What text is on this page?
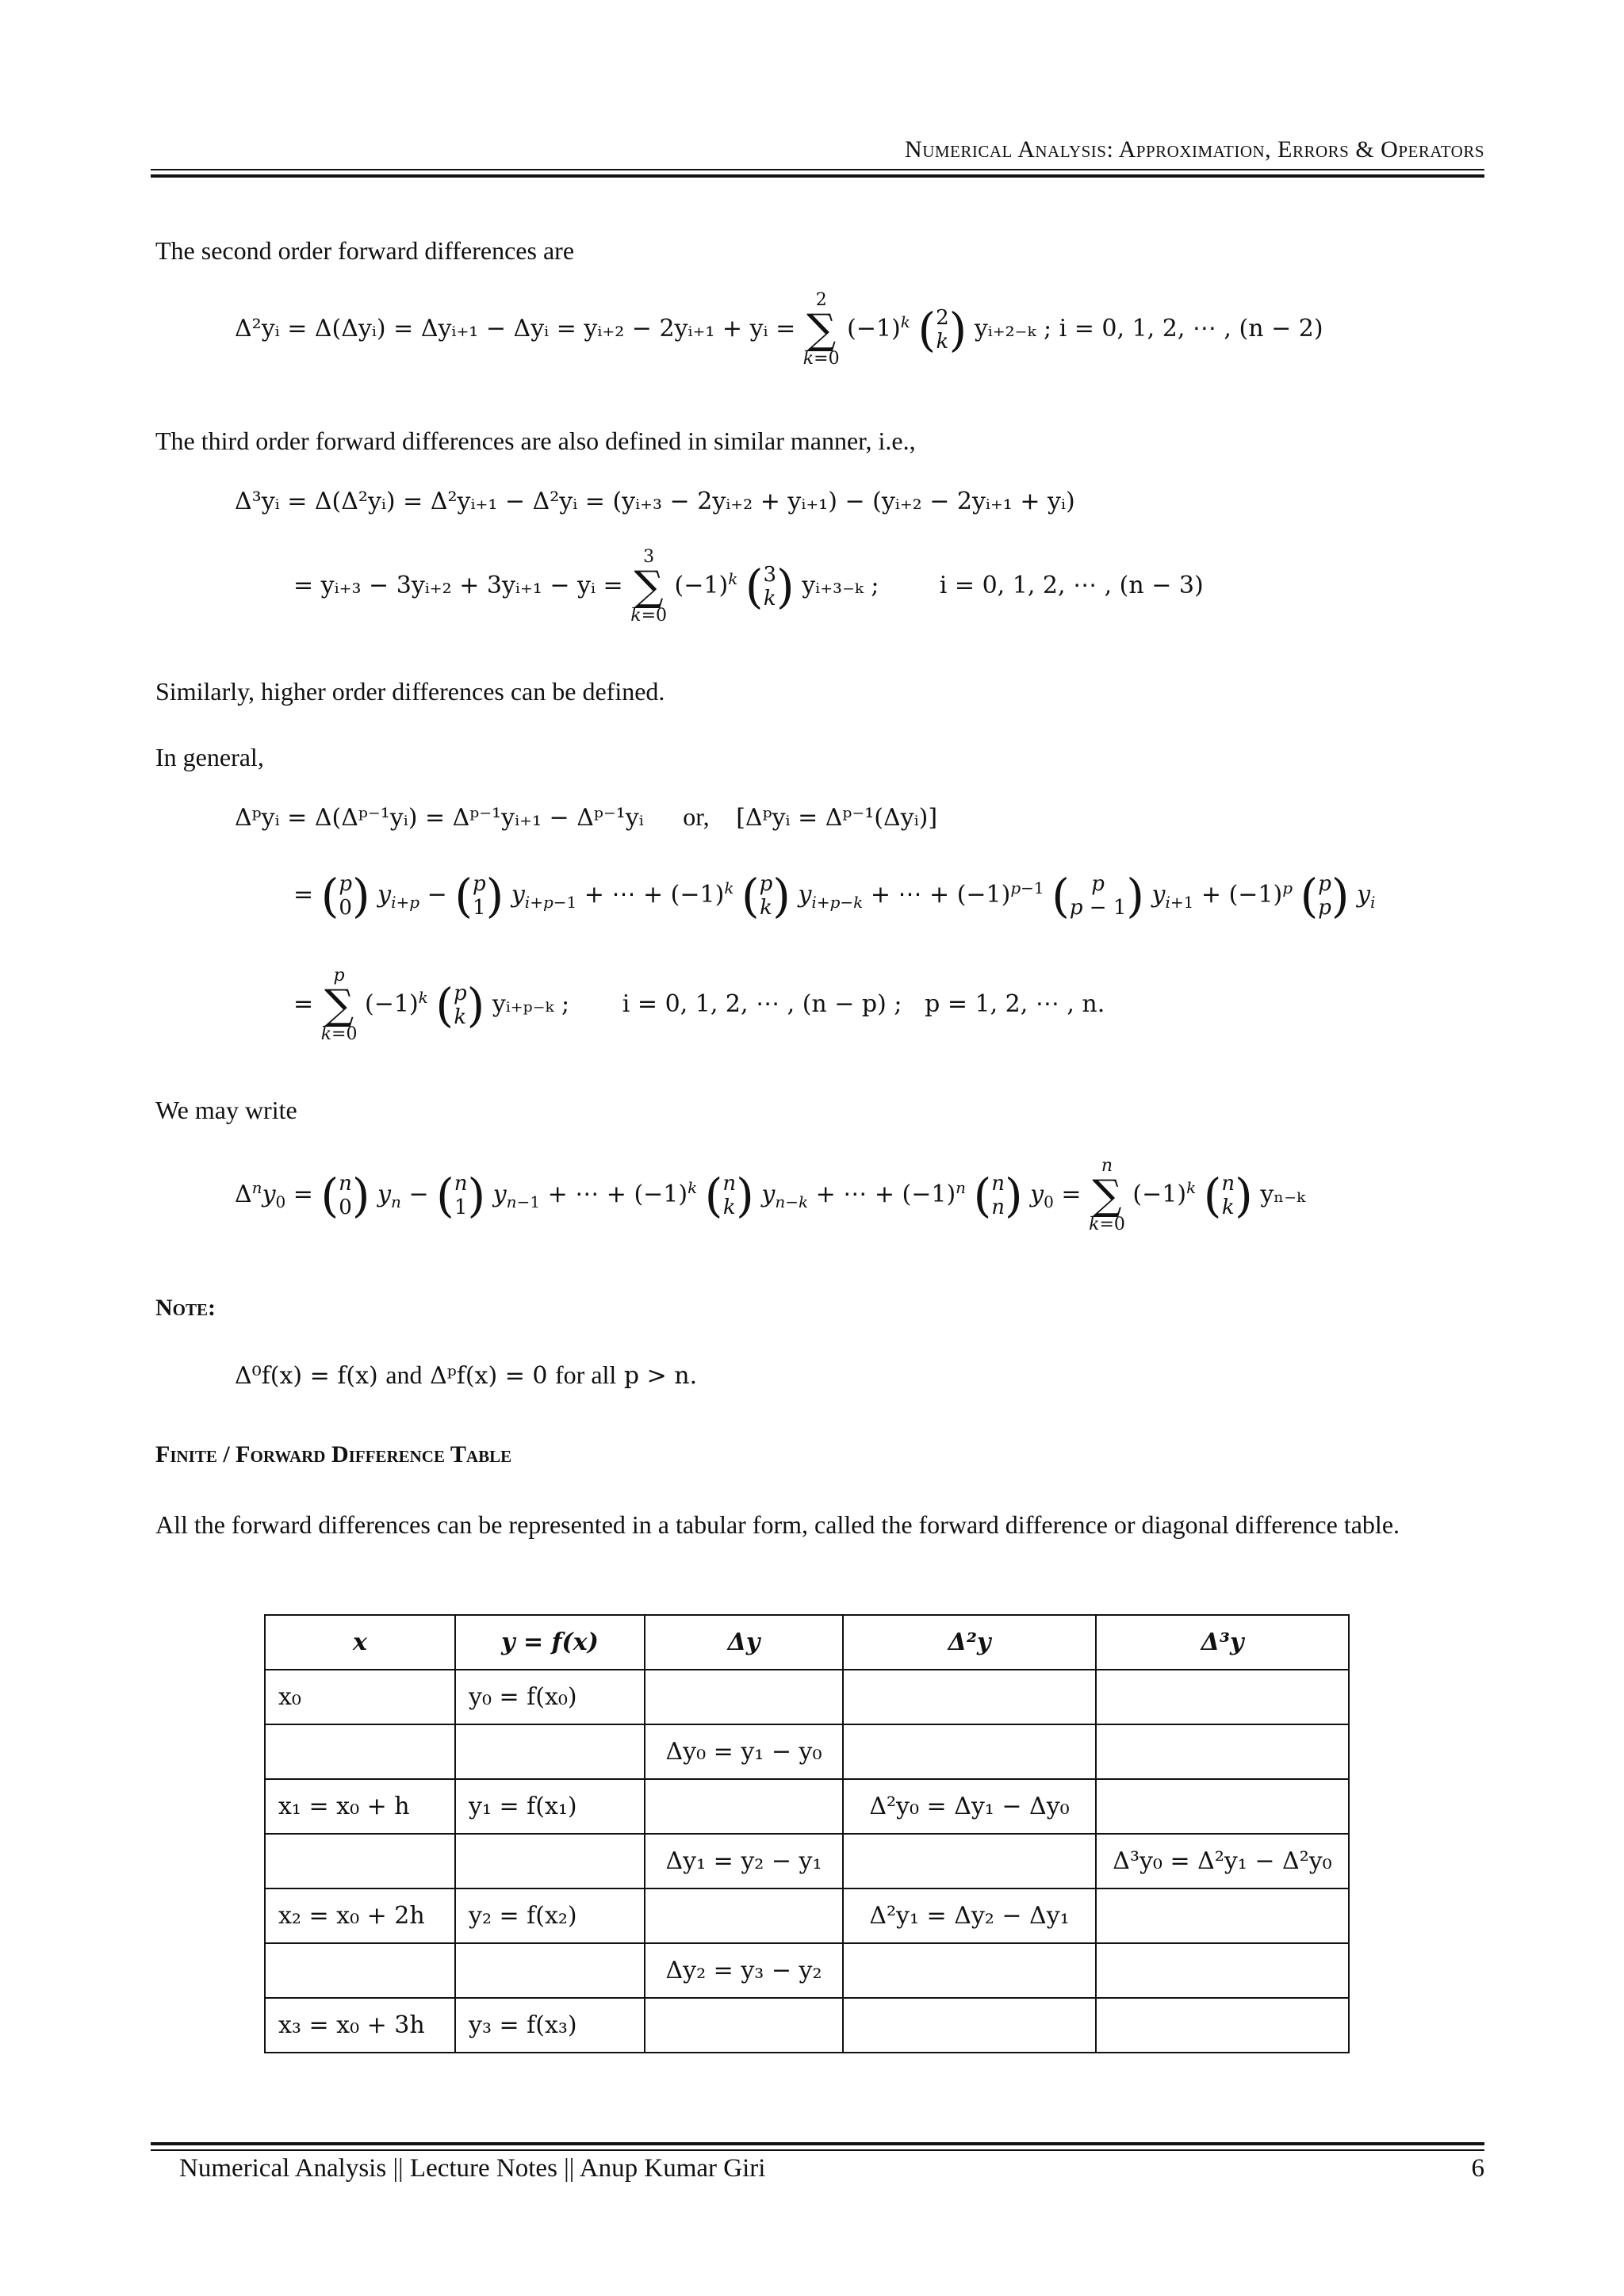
Numerical Analysis: Approximation, Errors & Operators
The second order forward differences are
Δ²yᵢ = Δ(Δyᵢ) = Δyᵢ₊₁ − Δyᵢ = yᵢ₊₂ − 2yᵢ₊₁ + yᵢ = 2
∑
k=0 $(-1)^k$ (2
k) yᵢ₊₂₋ₖ ; i = 0, 1, 2, ⋯ , (n − 2)
The third order forward differences are also defined in similar manner, i.e.,
Δ³yᵢ = Δ(Δ²yᵢ) = Δ²yᵢ₊₁ − Δ²yᵢ = (yᵢ₊₃ − 2yᵢ₊₂ + yᵢ₊₁) − (yᵢ₊₂ − 2yᵢ₊₁ + yᵢ)
= yᵢ₊₃ − 3yᵢ₊₂ + 3yᵢ₊₁ − yᵢ = 3
∑
k=0 $(-1)^k$ (3
k) yᵢ₊₃₋ₖ ;        i = 0, 1, 2, ⋯ , (n − 3)
Similarly, higher order differences can be defined.
In general,
Δᵖyᵢ = Δ(Δᵖ⁻¹yᵢ) = Δᵖ⁻¹yᵢ₊₁ − Δᵖ⁻¹yᵢ or, [Δᵖyᵢ = Δᵖ⁻¹(Δyᵢ)]
= (p
0) $y_{i+p} - (p$
1) $y_{i+p-1}$ + ⋯ + $(-1)^k$ (p
k) $y_{i+p-k}$ + ⋯ + $(-1)^{p-1}$ ( p
p − 1) $y_{i+1} + (-1)^p$ (p
p) $y_i$
= p
∑
k=0 $(-1)^k$ (p
k) yᵢ₊ₚ₋ₖ ;       i = 0, 1, 2, ⋯ , (n − p) ;   p = 1, 2, ⋯ , n.
We may write
$\Delta^ny_0 = (n$
0) $y_n - (n$
1) $y_{n-1}$ + ⋯ + $(-1)^k$ (n
k) $y_{n-k}$ + ⋯ + $(-1)^n$ (n
n) $y_0 = n$
∑
k=0 $(-1)^k$ (n
k) yₙ₋ₖ
Note:
Δ⁰f(x) = f(x) and Δᵖf(x) = 0 for all p > n.
Finite / Forward Difference Table
All the forward differences can be represented in a tabular form, called the forward difference or diagonal difference table.
x	y = f(x)	Δy	Δ²y	Δ³y
x₀	y₀ = f(x₀)			
		Δy₀ = y₁ − y₀		
x₁ = x₀ + h	y₁ = f(x₁)		Δ²y₀ = Δy₁ − Δy₀	
		Δy₁ = y₂ − y₁		Δ³y₀ = Δ²y₁ − Δ²y₀
x₂ = x₀ + 2h	y₂ = f(x₂)		Δ²y₁ = Δy₂ − Δy₁	
		Δy₂ = y₃ − y₂		
x₃ = x₀ + 3h	y₃ = f(x₃)			
Numerical Analysis || Lecture Notes || Anup Kumar Giri	6
